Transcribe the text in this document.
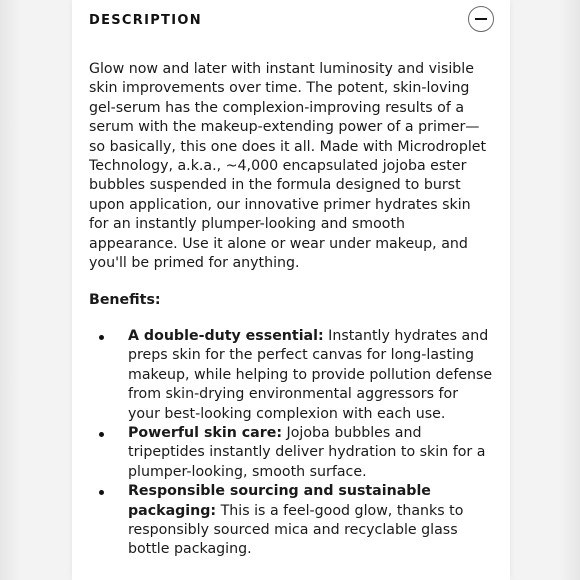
DESCRIPTION

Glow now and later with instant luminosity and visible skin improvements over time. The potent, skin-loving gel-serum has the complexion-improving results of a serum with the makeup-extending power of a primer—so basically, this one does it all. Made with Microdroplet Technology, a.k.a., ~4,000 encapsulated jojoba ester bubbles suspended in the formula designed to burst upon application, our innovative primer hydrates skin for an instantly plumper-looking and smooth appearance. Use it alone or wear under makeup, and you'll be primed for anything.

Benefits:

A double-duty essential: Instantly hydrates and preps skin for the perfect canvas for long-lasting makeup, while helping to provide pollution defense from skin-drying environmental aggressors for your best-looking complexion with each use.
Powerful skin care: Jojoba bubbles and tripeptides instantly deliver hydration to skin for a plumper-looking, smooth surface.
Responsible sourcing and sustainable packaging: This is a feel-good glow, thanks to responsibly sourced mica and recyclable glass bottle packaging.
